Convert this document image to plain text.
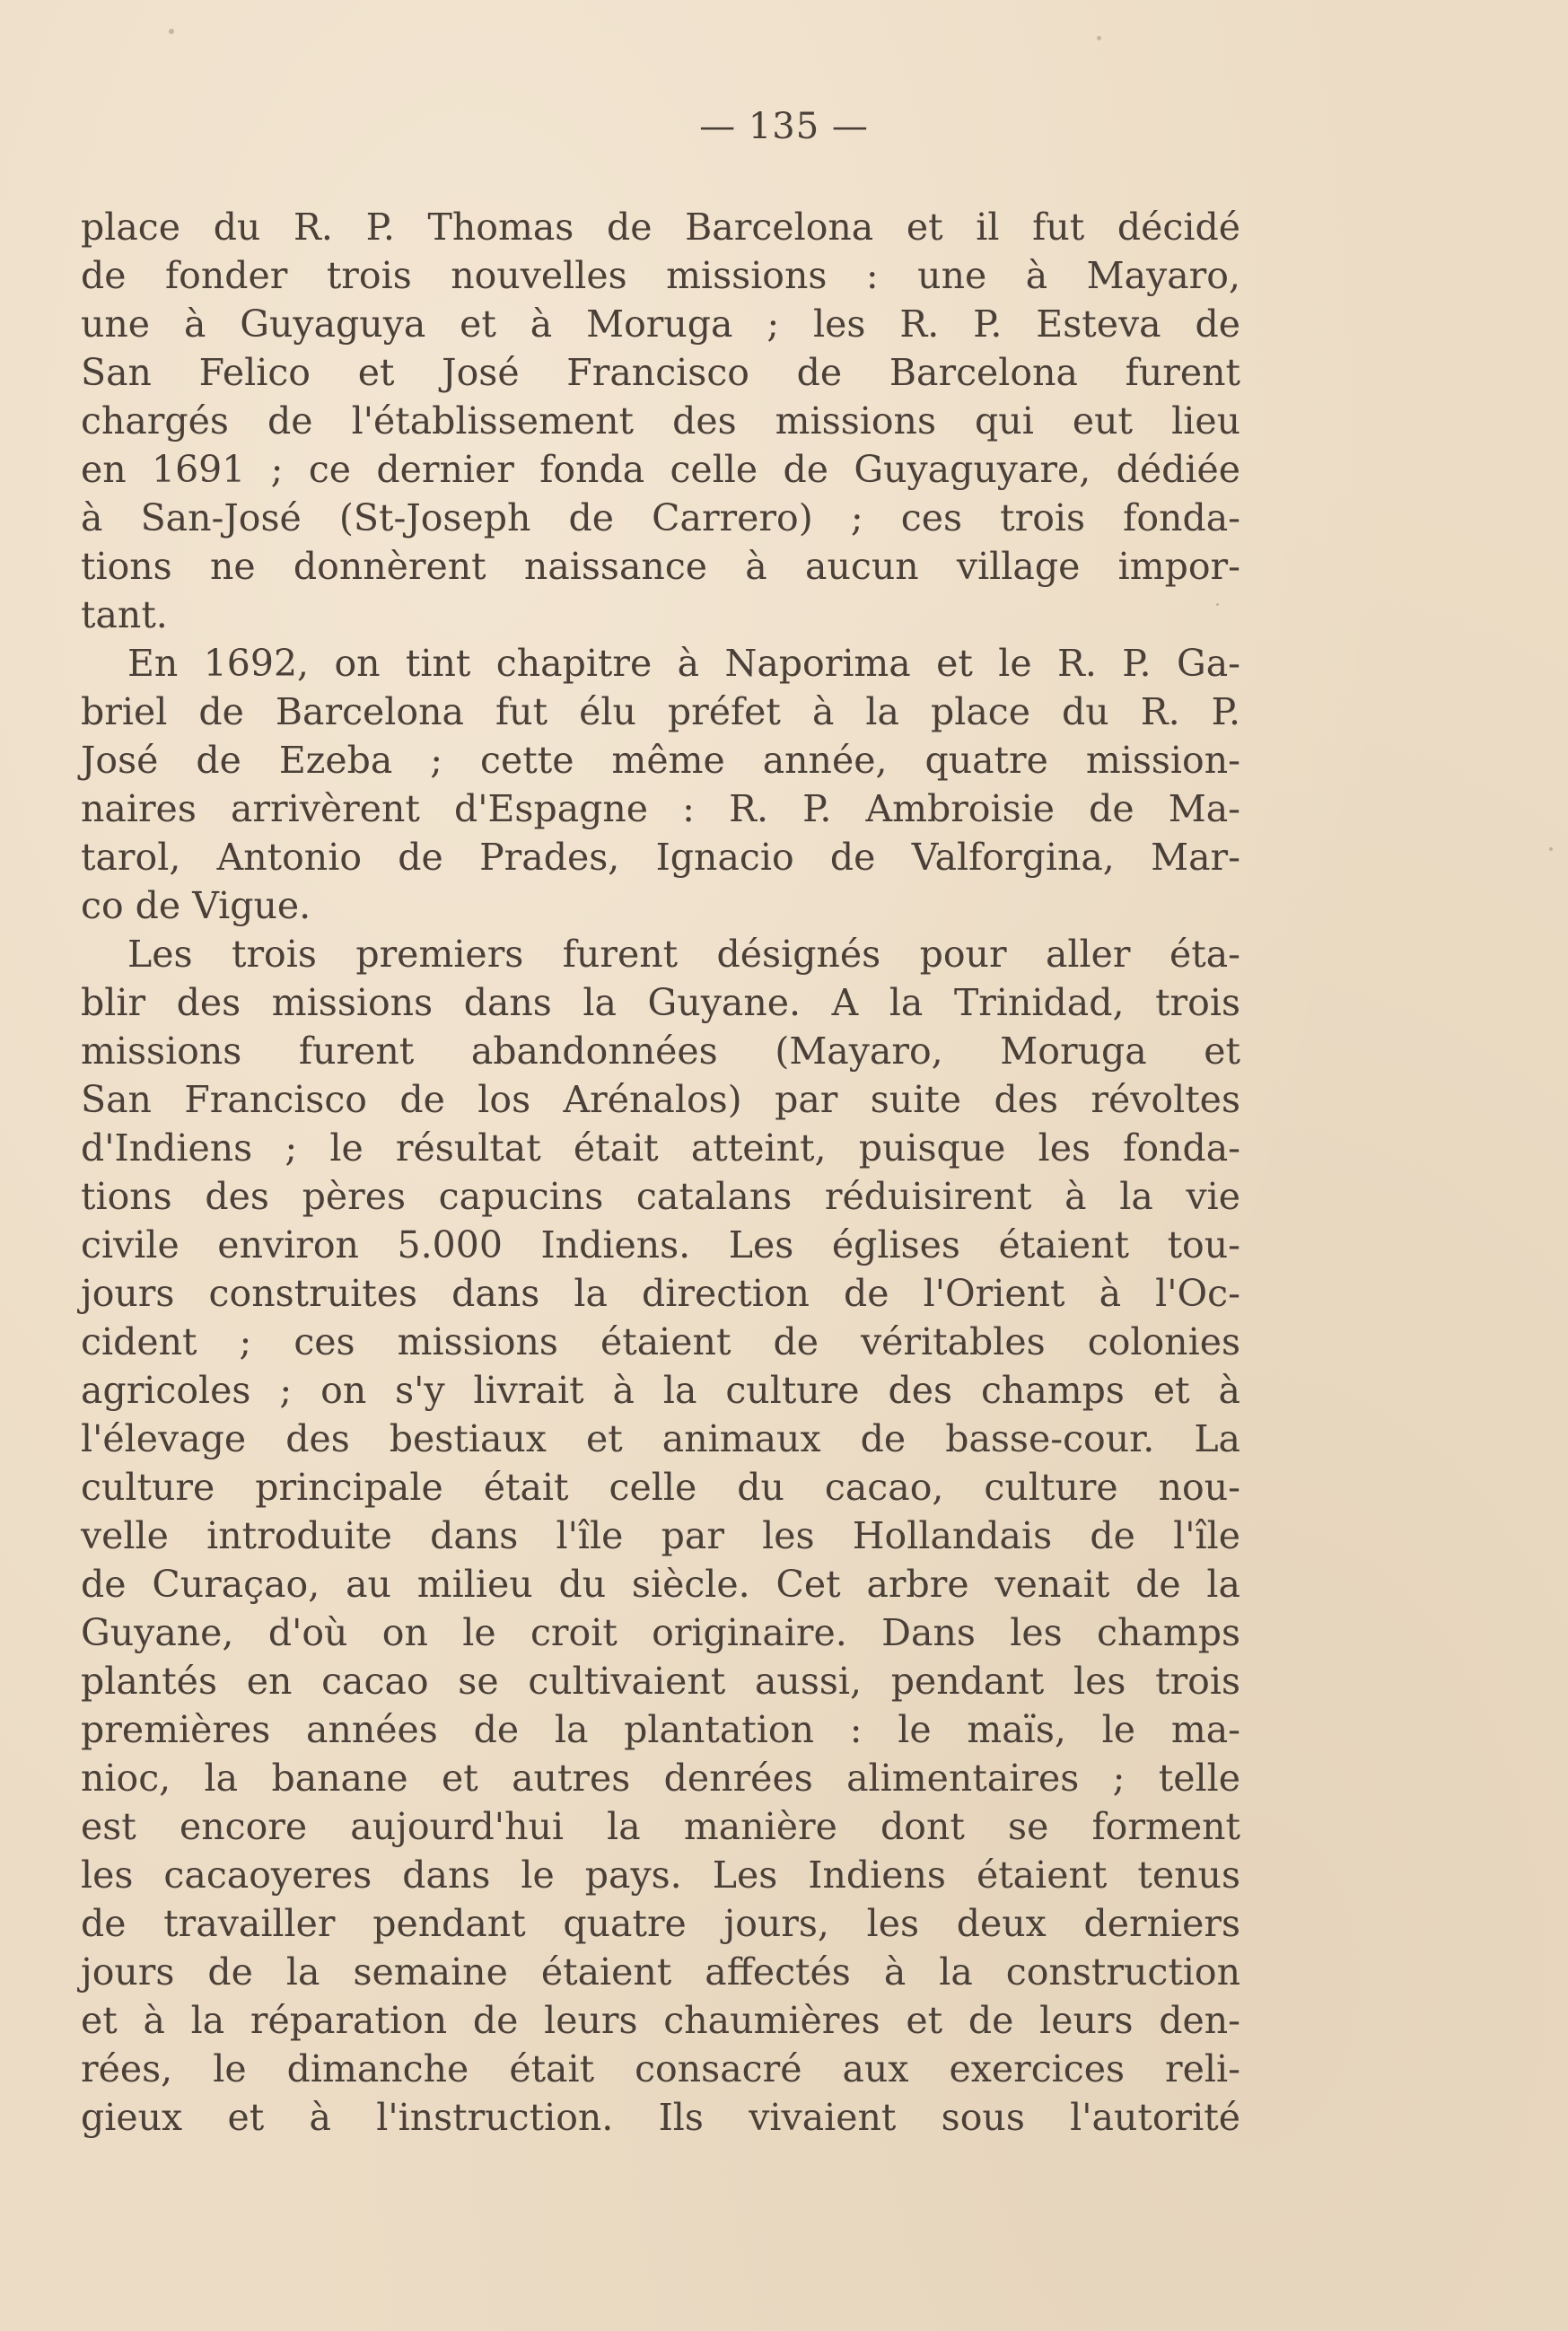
— 135 —
place du R. P. Thomas de Barcelona et il fut décidé
de fonder trois nouvelles missions : une à Mayaro,
une à Guyaguya et à Moruga ; les R. P. Esteva de
San Felico et José Francisco de Barcelona furent
chargés de l'établissement des missions qui eut lieu
en 1691 ; ce dernier fonda celle de Guyaguyare, dédiée
à San-José (St-Joseph de Carrero) ; ces trois fonda-
tions ne donnèrent naissance à aucun village impor-
tant.
En 1692, on tint chapitre à Naporima et le R. P. Ga-
briel de Barcelona fut élu préfet à la place du R. P.
José de Ezeba ; cette même année, quatre mission-
naires arrivèrent d'Espagne : R. P. Ambroisie de Ma-
tarol, Antonio de Prades, Ignacio de Valforgina, Mar-
co de Vigue.
Les trois premiers furent désignés pour aller éta-
blir des missions dans la Guyane. A la Trinidad, trois
missions furent abandonnées (Mayaro, Moruga et
San Francisco de los Arénalos) par suite des révoltes
d'Indiens ; le résultat était atteint, puisque les fonda-
tions des pères capucins catalans réduisirent à la vie
civile environ 5.000 Indiens. Les églises étaient tou-
jours construites dans la direction de l'Orient à l'Oc-
cident ; ces missions étaient de véritables colonies
agricoles ; on s'y livrait à la culture des champs et à
l'élevage des bestiaux et animaux de basse-cour. La
culture principale était celle du cacao, culture nou-
velle introduite dans l'île par les Hollandais de l'île
de Curaçao, au milieu du siècle. Cet arbre venait de la
Guyane, d'où on le croit originaire. Dans les champs
plantés en cacao se cultivaient aussi, pendant les trois
premières années de la plantation : le maïs, le ma-
nioc, la banane et autres denrées alimentaires ; telle
est encore aujourd'hui la manière dont se forment
les cacaoyeres dans le pays. Les Indiens étaient tenus
de travailler pendant quatre jours, les deux derniers
jours de la semaine étaient affectés à la construction
et à la réparation de leurs chaumières et de leurs den-
rées, le dimanche était consacré aux exercices reli-
gieux et à l'instruction. Ils vivaient sous l'autorité
